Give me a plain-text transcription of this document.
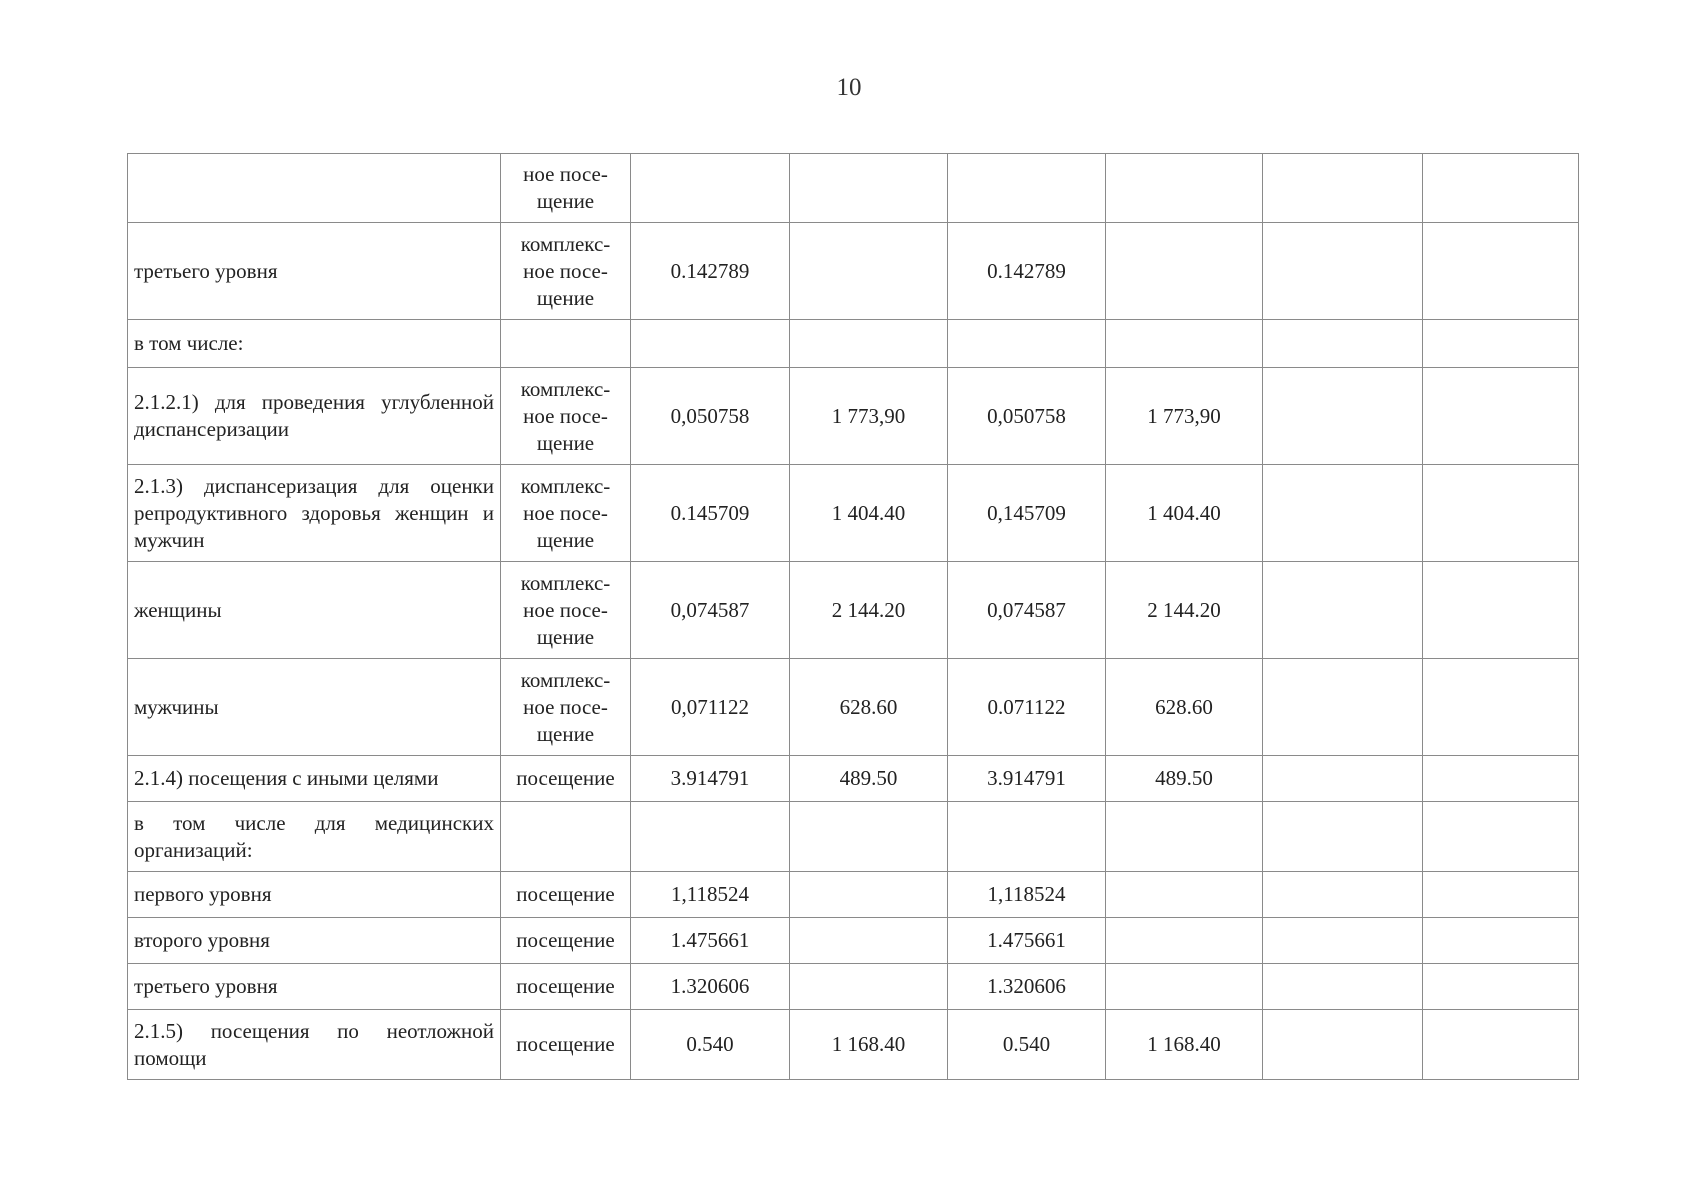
10
	ное посе-
щение						
третьего уровня	комплекс-
ное посе-
щение	0.142789		0.142789			
в том числе:							
2.1.2.1) для проведения углубленной диспансеризации	комплекс-
ное посе-
щение	0,050758	1 773,90	0,050758	1 773,90		
2.1.3) диспансеризация для оценки репродуктивного здоровья женщин и мужчин	комплекс-
ное посе-
щение	0.145709	1 404.40	0,145709	1 404.40		
женщины	комплекс-
ное посе-
щение	0,074587	2 144.20	0,074587	2 144.20		
мужчины	комплекс-
ное посе-
щение	0,071122	628.60	0.071122	628.60		
2.1.4) посещения с иными целями	посещение	3.914791	489.50	3.914791	489.50		
в том числе для медицинских организаций:							
первого уровня	посещение	1,118524		1,118524			
второго уровня	посещение	1.475661		1.475661			
третьего уровня	посещение	1.320606		1.320606			
2.1.5) посещения по неотложной помощи	посещение	0.540	1 168.40	0.540	1 168.40		
